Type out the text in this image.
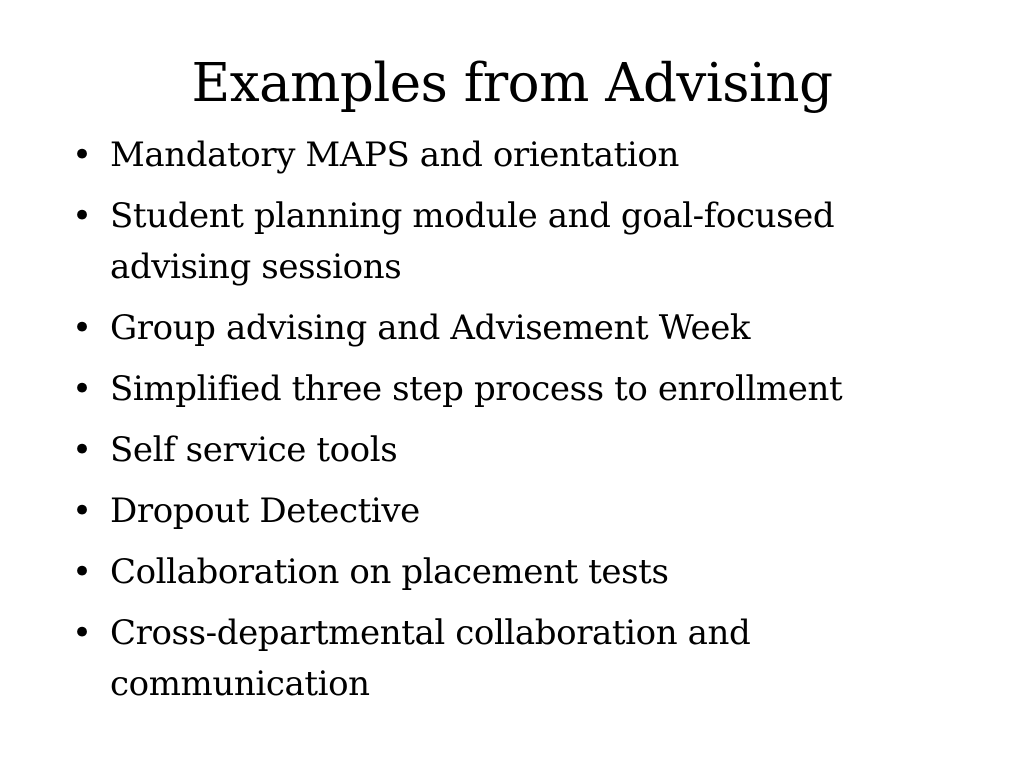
Examples from Advising
• Mandatory MAPS and orientation
• Student planning module and goal-focused advising sessions
• Group advising and Advisement Week
• Simplified three step process to enrollment
• Self service tools
• Dropout Detective
• Collaboration on placement tests
• Cross-departmental collaboration and communication
